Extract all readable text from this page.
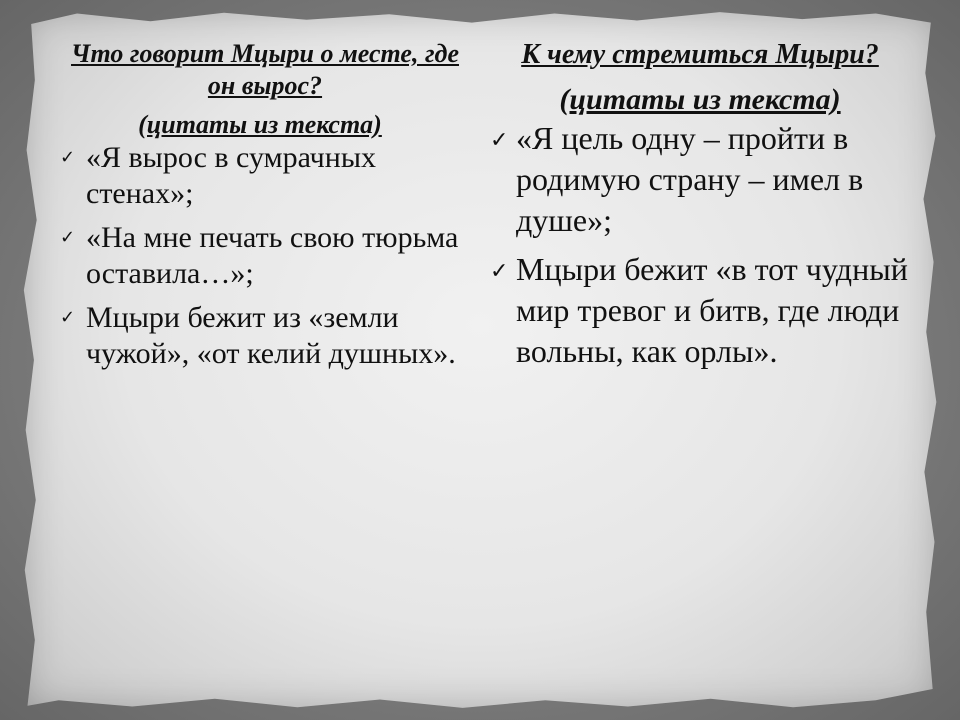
Что говорит Мцыри о месте, где он вырос?

(цитаты из текста)

✓ «Я вырос в сумрачных стенах»;
✓ «На мне печать свою тюрьма оставила…»;
✓ Мцыри бежит из «земли чужой», «от келий душных».

К чему стремиться Мцыри?

(цитаты из текста)

✓ «Я цель одну – пройти в родимую страну – имел в душе»;
✓ Мцыри бежит «в тот чудный мир тревог и битв, где люди вольны, как орлы».
